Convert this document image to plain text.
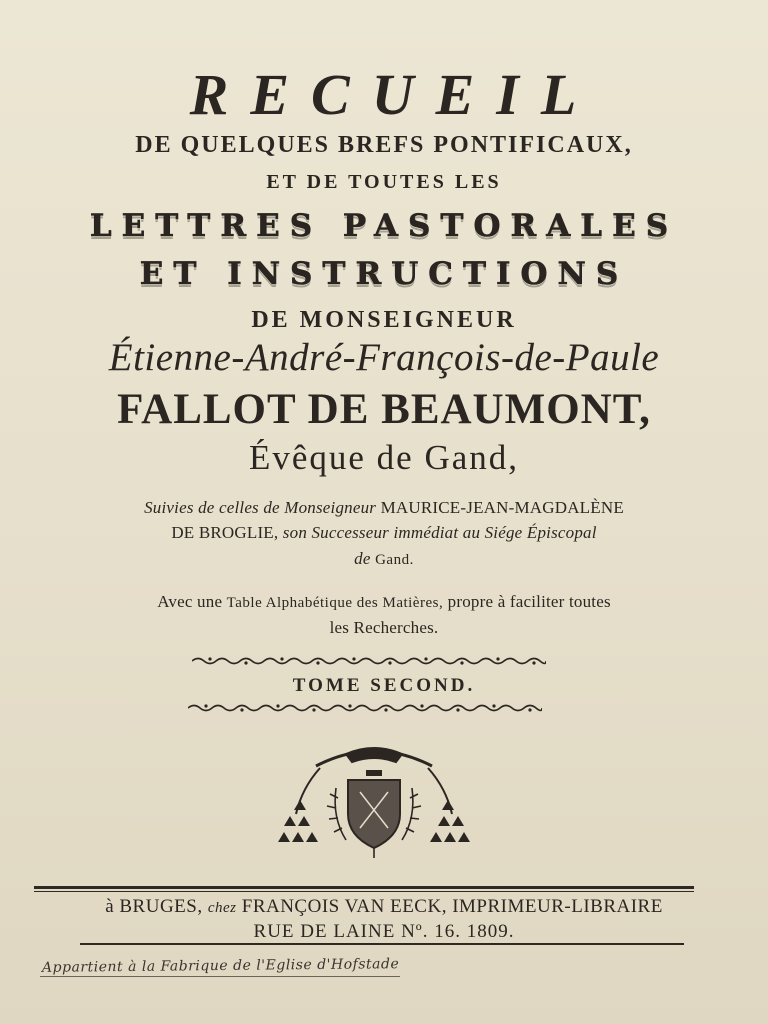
RECUEIL
DE QUELQUES BREFS PONTIFICAUX,
ET DE TOUTES LES
LETTRES PASTORALES
ET INSTRUCTIONS
DE MONSEIGNEUR
Étienne-André-François-de-Paule
FALLOT DE BEAUMONT,
Évêque de Gand,
Suivies de celles de Monseigneur MAURICE-JEAN-MAGDALÈNE
DE BROGLIE, son Successeur immédiat au Siége Épiscopal
de Gand.
Avec une Table Alphabétique des Matières, propre à faciliter toutes
les Recherches.
TOME SECOND.
à BRUGES, chez FRANÇOIS VAN EECK, IMPRIMEUR-LIBRAIRE
RUE DE LAINE Nº. 16. 1809.
Appartient à la Fabrique de l'Eglise d'Hofstade
